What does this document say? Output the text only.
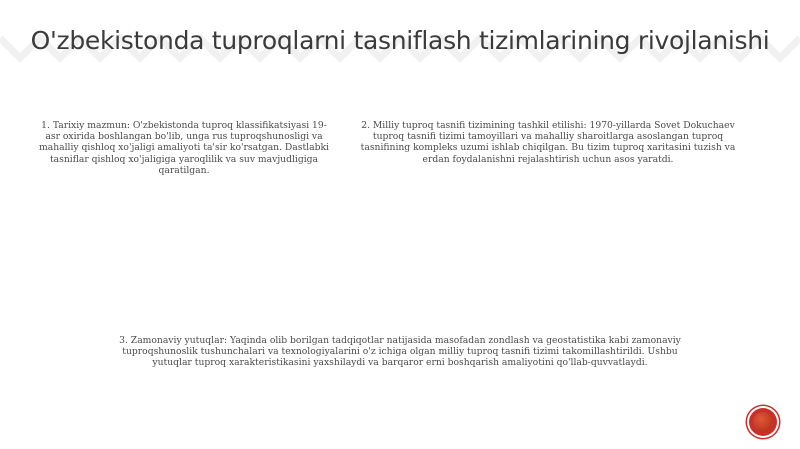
O'zbekistonda tuproqlarni tasniflash tizimlarining rivojlanishi
1. Tarixiy mazmun: O'zbekistonda tuproq klassifikatsiyasi 19-asr oxirida boshlangan bo'lib, unga rus tuproqshunosligi va mahalliy qishloq xo'jaligi amaliyoti ta'sir ko'rsatgan. Dastlabki tasniflar qishloq xo'jaligiga yaroqlilik va suv mavjudligiga qaratilgan.
2. Milliy tuproq tasnifi tizimining tashkil etilishi: 1970-yillarda Sovet Dokuchaev tuproq tasnifi tizimi tamoyillari va mahalliy sharoitlarga asoslangan tuproq tasnifining kompleks uzumi ishlab chiqilgan. Bu tizim tuproq xaritasini tuzish va erdan foydalanishni rejalashtirish uchun asos yaratdi.
3. Zamonaviy yutuqlar: Yaqinda olib borilgan tadqiqotlar natijasida masofadan zondlash va geostatistika kabi zamonaviy tuproqshunoslik tushunchalari va texnologiyalarini o'z ichiga olgan milliy tuproq tasnifi tizimi takomillashtirildi. Ushbu yutuqlar tuproq xarakteristikasini yaxshilaydi va barqaror erni boshqarish amaliyotini qo'llab-quvvatlaydi.
